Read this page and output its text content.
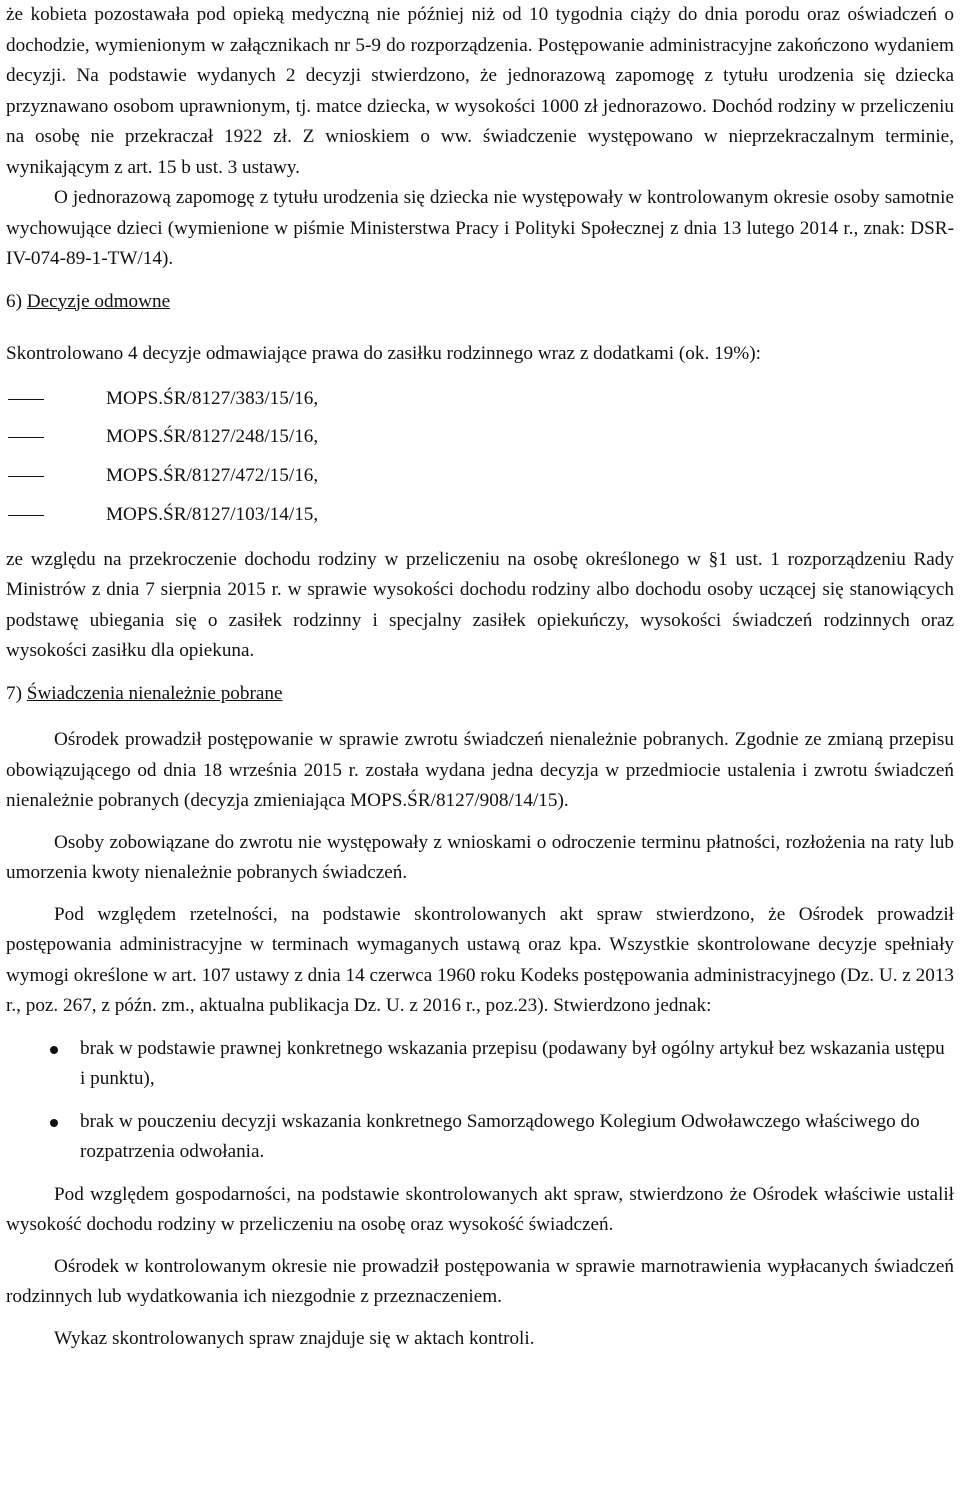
że kobieta pozostawała pod opieką medyczną nie później niż od 10 tygodnia ciąży do dnia porodu oraz oświadczeń o dochodzie, wymienionym w załącznikach nr 5-9 do rozporządzenia. Postępowanie administracyjne zakończono wydaniem decyzji. Na podstawie wydanych 2 decyzji stwierdzono, że jednorazową zapomogę z tytułu urodzenia się dziecka przyznawano osobom uprawnionym, tj. matce dziecka, w wysokości 1000 zł jednorazowo. Dochód rodziny w przeliczeniu na osobę nie przekraczał 1922 zł. Z wnioskiem o ww. świadczenie występowano w nieprzekraczalnym terminie, wynikającym z art. 15 b ust. 3 ustawy.

O jednorazową zapomogę z tytułu urodzenia się dziecka nie występowały w kontrolowanym okresie osoby samotnie wychowujące dzieci (wymienione w piśmie Ministerstwa Pracy i Polityki Społecznej z dnia 13 lutego 2014 r., znak: DSR-IV-074-89-1-TW/14).

6) Decyzje odmowne

Skontrolowano 4 decyzje odmawiające prawa do zasiłku rodzinnego wraz z dodatkami (ok. 19%):

MOPS.ŚR/8127/383/15/16,
MOPS.ŚR/8127/248/15/16,
MOPS.ŚR/8127/472/15/16,
MOPS.ŚR/8127/103/14/15,

ze względu na przekroczenie dochodu rodziny w przeliczeniu na osobę określonego w §1 ust. 1 rozporządzeniu Rady Ministrów z dnia 7 sierpnia 2015 r. w sprawie wysokości dochodu rodziny albo dochodu osoby uczącej się stanowiących podstawę ubiegania się o zasiłek rodzinny i specjalny zasiłek opiekuńczy, wysokości świadczeń rodzinnych oraz wysokości zasiłku dla opiekuna.

7) Świadczenia nienależnie pobrane

Ośrodek prowadził postępowanie w sprawie zwrotu świadczeń nienależnie pobranych. Zgodnie ze zmianą przepisu obowiązującego od dnia 18 września 2015 r. została wydana jedna decyzja w przedmiocie ustalenia i zwrotu świadczeń nienależnie pobranych (decyzja zmieniająca MOPS.ŚR/8127/908/14/15).

Osoby zobowiązane do zwrotu nie występowały z wnioskami o odroczenie terminu płatności, rozłożenia na raty lub umorzenia kwoty nienależnie pobranych świadczeń.

Pod względem rzetelności, na podstawie skontrolowanych akt spraw stwierdzono, że Ośrodek prowadził postępowania administracyjne w terminach wymaganych ustawą oraz kpa. Wszystkie skontrolowane decyzje spełniały wymogi określone w art. 107 ustawy z dnia 14 czerwca 1960 roku Kodeks postępowania administracyjnego (Dz. U. z 2013 r., poz. 267, z późn. zm., aktualna publikacja Dz. U. z 2016 r., poz.23). Stwierdzono jednak:

brak w podstawie prawnej konkretnego wskazania przepisu (podawany był ogólny artykuł bez wskazania ustępu i punktu),
brak w pouczeniu decyzji wskazania konkretnego Samorządowego Kolegium Odwoławczego właściwego do rozpatrzenia odwołania.

Pod względem gospodarności, na podstawie skontrolowanych akt spraw, stwierdzono że Ośrodek właściwie ustalił wysokość dochodu rodziny w przeliczeniu na osobę oraz wysokość świadczeń.

Ośrodek w kontrolowanym okresie nie prowadził postępowania w sprawie marnotrawienia wypłacanych świadczeń rodzinnych lub wydatkowania ich niezgodnie z przeznaczeniem.

Wykaz skontrolowanych spraw znajduje się w aktach kontroli.
